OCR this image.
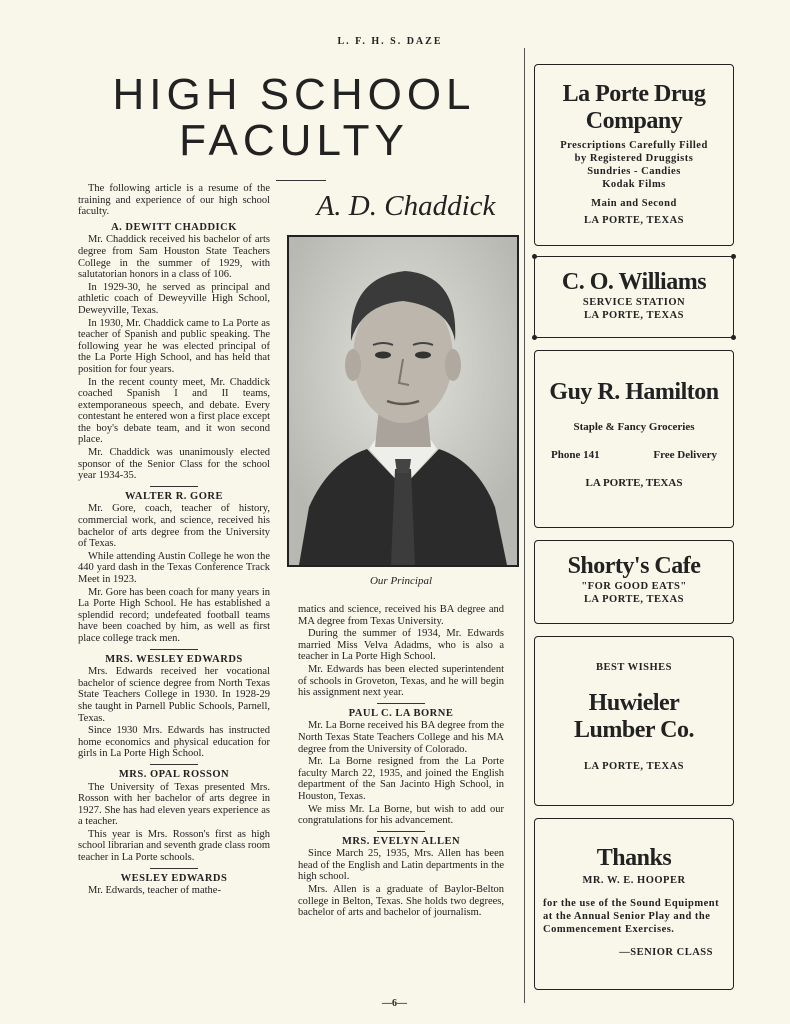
L. F. H. S. DAZE
HIGH SCHOOL
FACULTY
A. D. Chaddick
Our Principal

The following article is a resume of the training and experience of our high school faculty.

A. DEWITT CHADDICK

Mr. Chaddick received his bachelor of arts degree from Sam Houston State Teachers College in the summer of 1929, with salutatorian honors in a class of 106.

In 1929-30, he served as principal and athletic coach of Deweyville High School, Deweyville, Texas.

In 1930, Mr. Chaddick came to La Porte as teacher of Spanish and public speaking. The following year he was elected principal of the La Porte High School, and has held that position for four years.

In the recent county meet, Mr. Chaddick coached Spanish I and II teams, extemporaneous speech, and debate. Every contestant he entered won a first place except the boy's debate team, and it won second place.

Mr. Chaddick was unanimously elected sponsor of the Senior Class for the school year 1934-35.

WALTER R. GORE

Mr. Gore, coach, teacher of history, commercial work, and science, received his bachelor of arts degree from the University of Texas.

While attending Austin College he won the 440 yard dash in the Texas Conference Track Meet in 1923.

Mr. Gore has been coach for many years in La Porte High School. He has established a splendid record; undefeated football teams have been coached by him, as well as first place college track men.

MRS. WESLEY EDWARDS

Mrs. Edwards received her vocational bachelor of science degree from North Texas State Teachers College in 1930. In 1928-29 she taught in Parnell Public Schools, Parnell, Texas.

Since 1930 Mrs. Edwards has instructed home economics and physical education for girls in La Porte High School.

MRS. OPAL ROSSON

The University of Texas presented Mrs. Rosson with her bachelor of arts degree in 1927. She has had eleven years experience as a teacher.

This year is Mrs. Rosson's first as high school librarian and seventh grade class room teacher in La Porte schools.

WESLEY EDWARDS

Mr. Edwards, teacher of mathe-

matics and science, received his BA degree and MA degree from Texas University.

During the summer of 1934, Mr. Edwards married Miss Velva Adadms, who is also a teacher in La Porte High School.

Mr. Edwards has been elected superintendent of schools in Groveton, Texas, and he will begin his assignment next year.

PAUL C. LA BORNE

Mr. La Borne received his BA degree from the North Texas State Teachers College and his MA degree from the University of Colorado.

Mr. La Borne resigned from the La Porte faculty March 22, 1935, and joined the English department of the San Jacinto High School, in Houston, Texas.

We miss Mr. La Borne, but wish to add our congratulations for his advancement.

MRS. EVELYN ALLEN

Since March 25, 1935, Mrs. Allen has been head of the English and Latin departments in the high school.

Mrs. Allen is a graduate of Baylor-Belton college in Belton, Texas. She holds two degrees, bachelor of arts and bachelor of journalism.

—6—
La Porte Drug
Company
Prescriptions Carefully Filled
by Registered Druggists
Sundries - Candies
Kodak Films
Main and Second
LA PORTE, TEXAS
C. O. Williams
SERVICE STATION
LA PORTE, TEXAS
Guy R. Hamilton
Staple & Fancy Groceries
Phone 141	Free Delivery
LA PORTE, TEXAS
Shorty's Cafe
"FOR GOOD EATS"
LA PORTE, TEXAS
BEST WISHES
Huwieler
Lumber Co.
LA PORTE, TEXAS
Thanks
MR. W. E. HOOPER
for the use of the Sound Equipment at the Annual Senior Play and the Commencement Exercises.
—SENIOR CLASS
